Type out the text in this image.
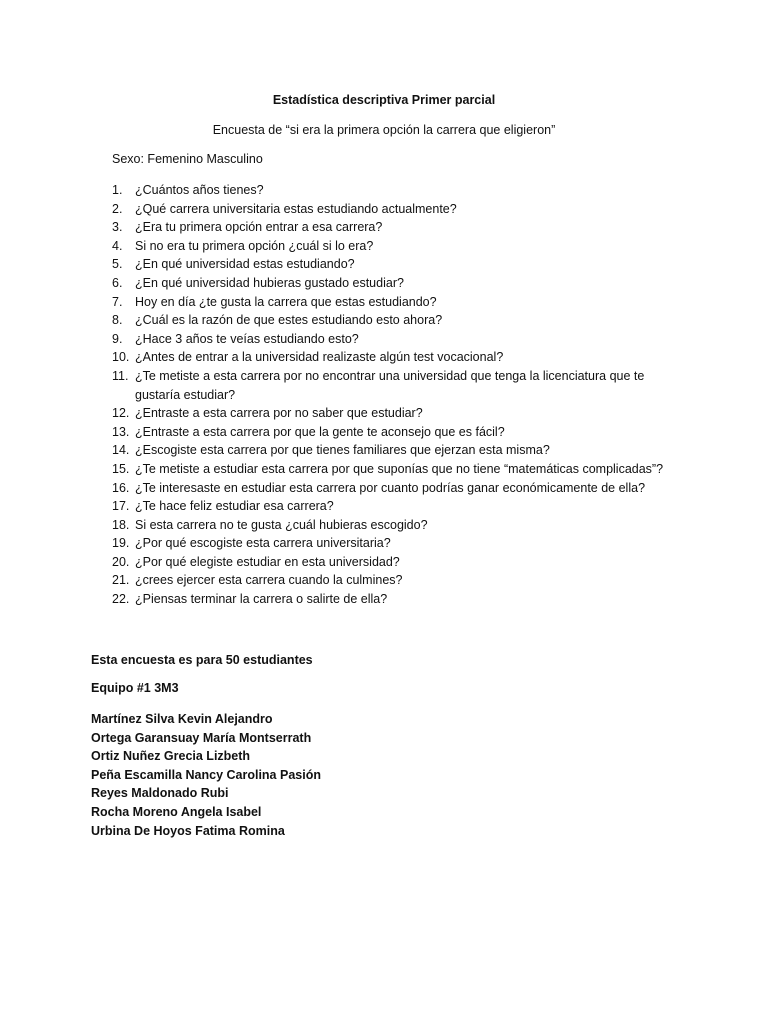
Estadística descriptiva Primer parcial
Encuesta de “si era la primera opción la carrera que eligieron”
Sexo: Femenino Masculino
1.	¿Cuántos años tienes?
2.	¿Qué carrera universitaria estas estudiando actualmente?
3.	¿Era tu primera opción entrar a esa carrera?
4.	Si no era tu primera opción ¿cuál si lo era?
5.	¿En qué universidad estas estudiando?
6.	¿En qué universidad hubieras gustado estudiar?
7.	Hoy en día ¿te gusta la carrera que estas estudiando?
8.	¿Cuál es la razón de que estes estudiando esto ahora?
9.	¿Hace 3 años te veías estudiando esto?
10. ¿Antes de entrar a la universidad realizaste algún test vocacional?
11. ¿Te metiste a esta carrera por no encontrar una universidad que tenga la licenciatura que te gustaría estudiar?
12. ¿Entraste a esta carrera por no saber que estudiar?
13. ¿Entraste a esta carrera por que la gente te aconsejo que es fácil?
14. ¿Escogiste esta carrera por que tienes familiares que ejerzan esta misma?
15. ¿Te metiste a estudiar esta carrera por que suponías que no tiene “matemáticas complicadas”?
16. ¿Te interesaste en estudiar esta carrera por cuanto podrías ganar económicamente de ella?
17. ¿Te hace feliz estudiar esa carrera?
18. Si esta carrera no te gusta ¿cuál hubieras escogido?
19. ¿Por qué escogiste esta carrera universitaria?
20. ¿Por qué elegiste estudiar en esta universidad?
21. ¿crees ejercer esta carrera cuando la culmines?
22. ¿Piensas terminar la carrera o salirte de ella?
Esta encuesta es para 50 estudiantes
Equipo #1 3M3
Martínez Silva Kevin Alejandro
Ortega Garansuay María Montserrath
Ortiz Nuñez Grecia Lizbeth
Peña Escamilla Nancy Carolina Pasión
Reyes Maldonado Rubi
Rocha Moreno Angela Isabel
Urbina De Hoyos Fatima Romina
